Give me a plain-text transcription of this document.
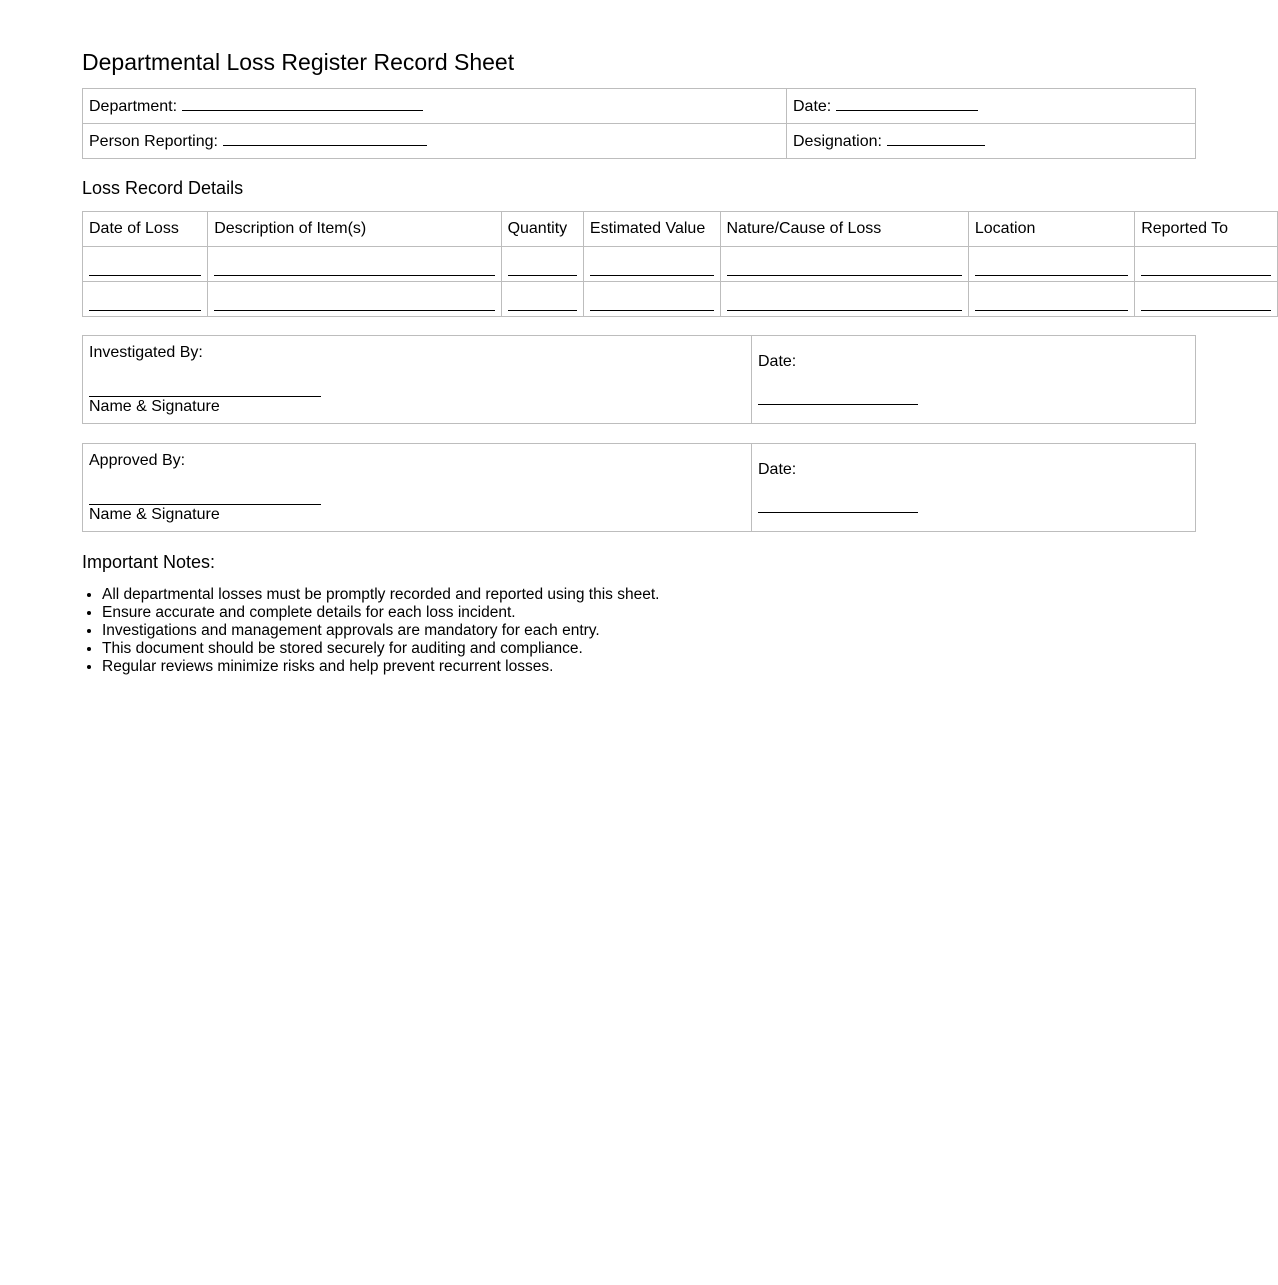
Departmental Loss Register Record Sheet
Department:	Date:
Person Reporting:	Designation:
Loss Record Details
Date of Loss	Description of Item(s)	Quantity	Estimated Value	Nature/Cause of Loss	Location	Reported To

Investigated By:
Name & Signature
Date:
Approved By:
Name & Signature
Date:
Important Notes:
• All departmental losses must be promptly recorded and reported using this sheet.
• Ensure accurate and complete details for each loss incident.
• Investigations and management approvals are mandatory for each entry.
• This document should be stored securely for auditing and compliance.
• Regular reviews minimize risks and help prevent recurrent losses.
